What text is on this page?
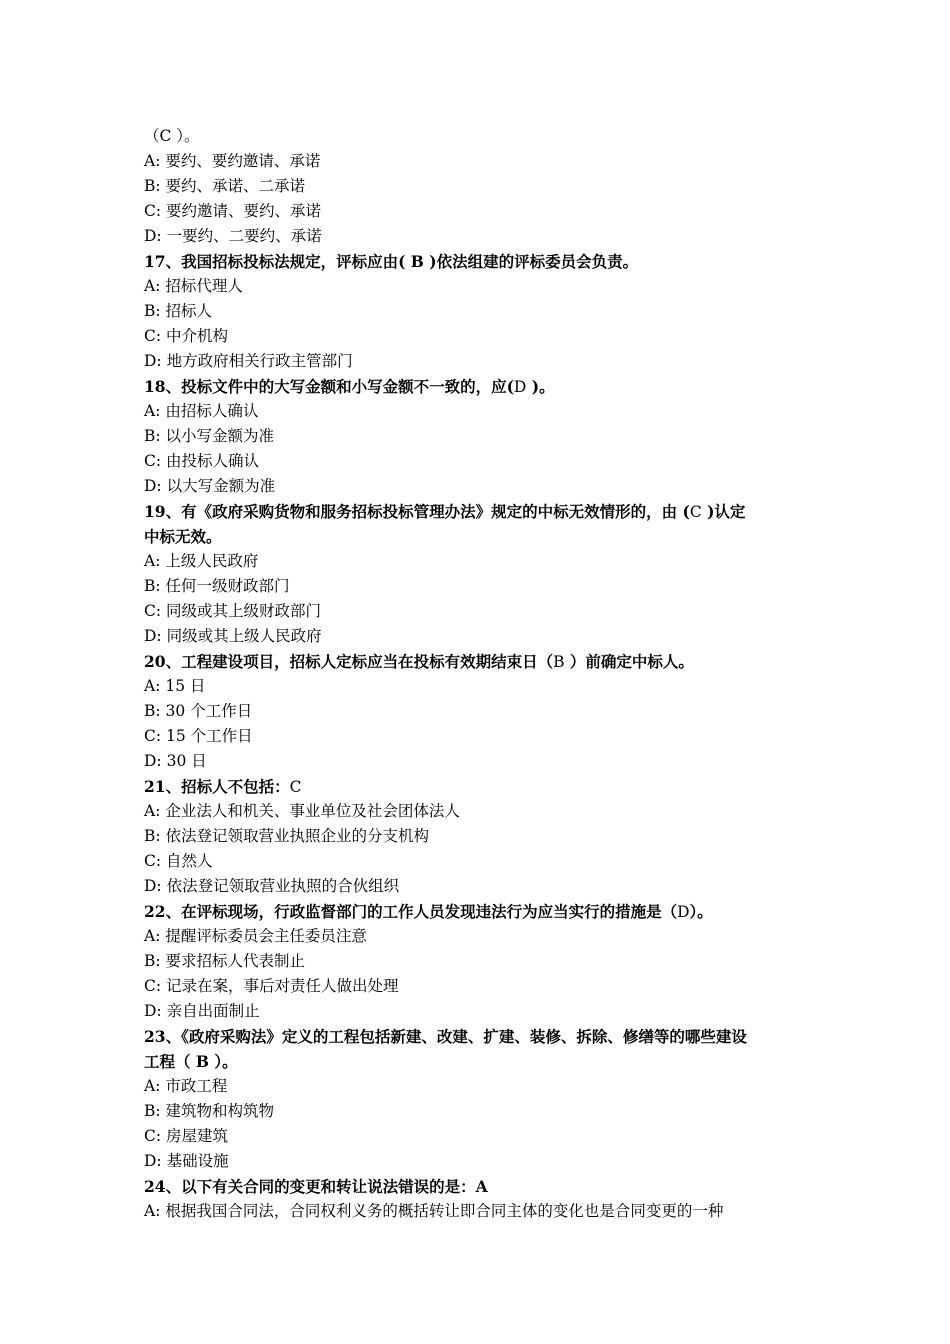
（C ）。
A: 要约、要约邀请、承诺
B: 要约、承诺、二承诺
C: 要约邀请、要约、承诺
D: 一要约、二要约、承诺
17、我国招标投标法规定，评标应由( B )依法组建的评标委员会负责。
A: 招标代理人
B: 招标人
C: 中介机构
D: 地方政府相关行政主管部门
18、投标文件中的大写金额和小写金额不一致的，应(D )。
A: 由招标人确认
B: 以小写金额为准
C: 由投标人确认
D: 以大写金额为准
19、有《政府采购货物和服务招标投标管理办法》规定的中标无效情形的，由 (C )认定
中标无效。
A: 上级人民政府
B: 任何一级财政部门
C: 同级或其上级财政部门
D: 同级或其上级人民政府
20、工程建设项目，招标人定标应当在投标有效期结束日（B ）前确定中标人。
A: 15 日
B: 30 个工作日
C: 15 个工作日
D: 30 日
21、招标人不包括：C
A: 企业法人和机关、事业单位及社会团体法人
B: 依法登记领取营业执照企业的分支机构
C: 自然人
D: 依法登记领取营业执照的合伙组织
22、在评标现场，行政监督部门的工作人员发现违法行为应当实行的措施是（D）。
A: 提醒评标委员会主任委员注意
B: 要求招标人代表制止
C: 记录在案，事后对责任人做出处理
D: 亲自出面制止
23、《政府采购法》定义的工程包括新建、改建、扩建、装修、拆除、修缮等的哪些建设
工程（ B ）。
A: 市政工程
B: 建筑物和构筑物
C: 房屋建筑
D: 基础设施
24、以下有关合同的变更和转让说法错误的是：A
A: 根据我国合同法，合同权利义务的概括转让即合同主体的变化也是合同变更的一种
